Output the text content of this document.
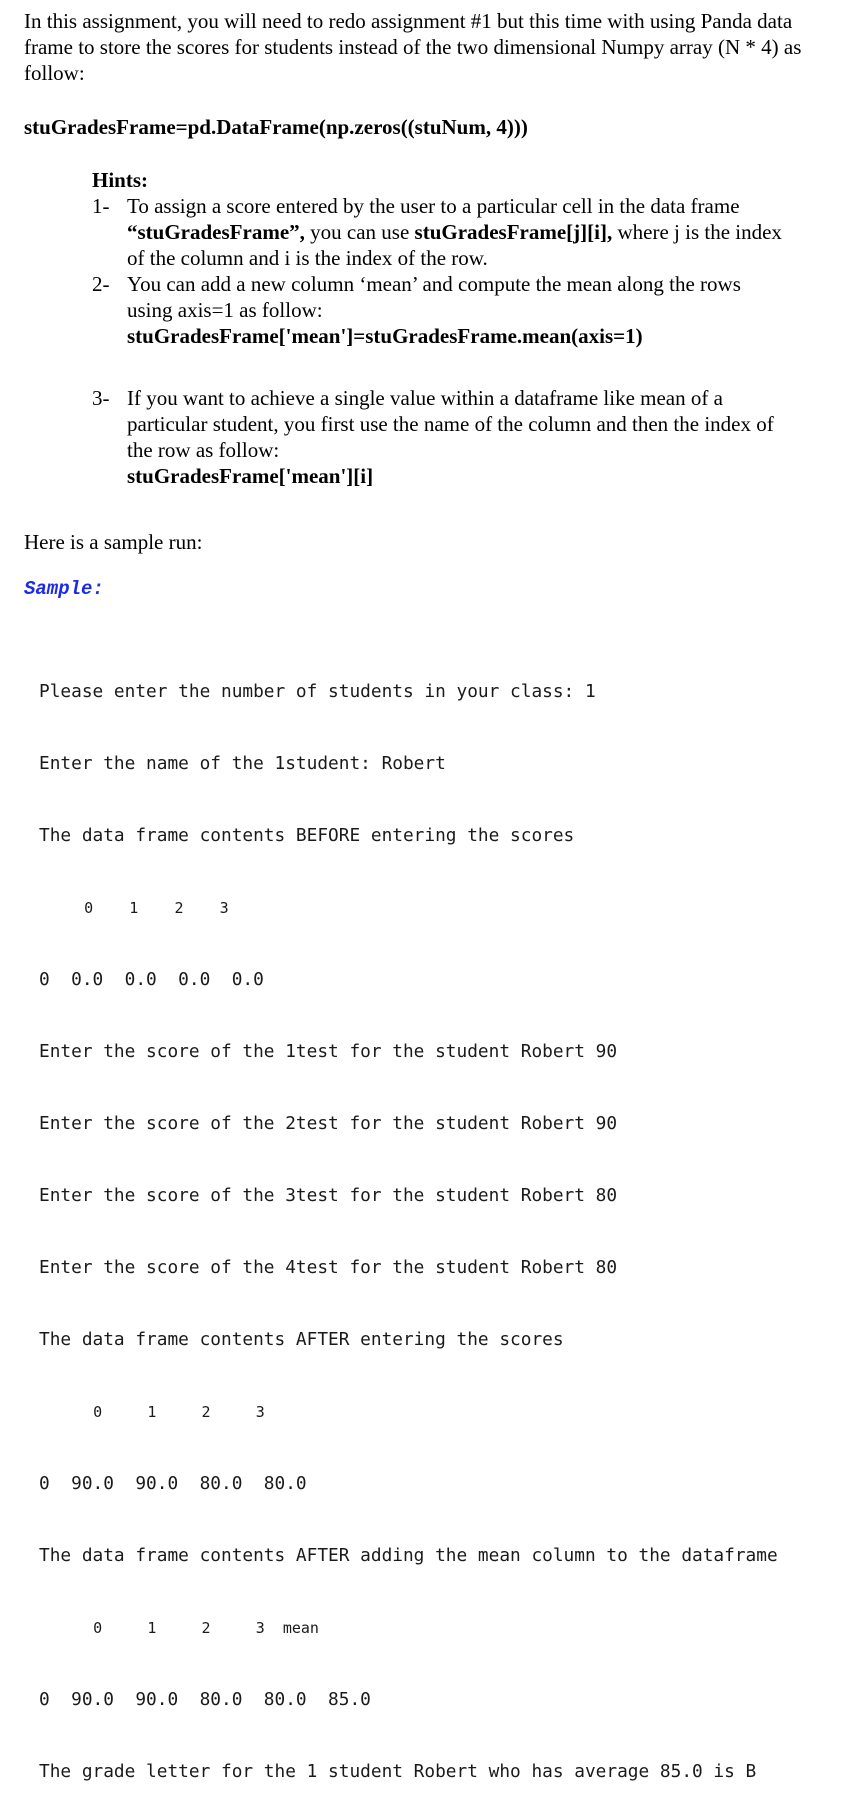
In this assignment, you will need to redo assignment #1 but this time with using Panda data frame to store the scores for students instead of the two dimensional Numpy array (N * 4) as follow:

stuGradesFrame=pd.DataFrame(np.zeros((stuNum, 4)))
Hints:
1- To assign a score entered by the user to a particular cell in the data frame
“stuGradesFrame”, you can use stuGradesFrame[j][i], where j is the index
of the column and i is the index of the row.
2- You can add a new column ‘mean’ and compute the mean along the rows
using axis=1 as follow:
stuGradesFrame['mean']=stuGradesFrame.mean(axis=1)
3- If you want to achieve a single value within a dataframe like mean of a
particular student, you first use the name of the column and then the index of
the row as follow:
stuGradesFrame['mean'][i]
Here is a sample run:
Sample:

Please enter the number of students in your class: 1

Enter the name of the 1student: Robert

The data frame contents BEFORE entering the scores

0    1    2    3

0  0.0  0.0  0.0  0.0

Enter the score of the 1test for the student Robert 90

Enter the score of the 2test for the student Robert 90

Enter the score of the 3test for the student Robert 80

Enter the score of the 4test for the student Robert 80

The data frame contents AFTER entering the scores

0     1     2     3

0  90.0  90.0  80.0  80.0

The data frame contents AFTER adding the mean column to the dataframe

0     1     2     3  mean

0  90.0  90.0  80.0  80.0  85.0

The grade letter for the 1 student Robert who has average 85.0 is B
